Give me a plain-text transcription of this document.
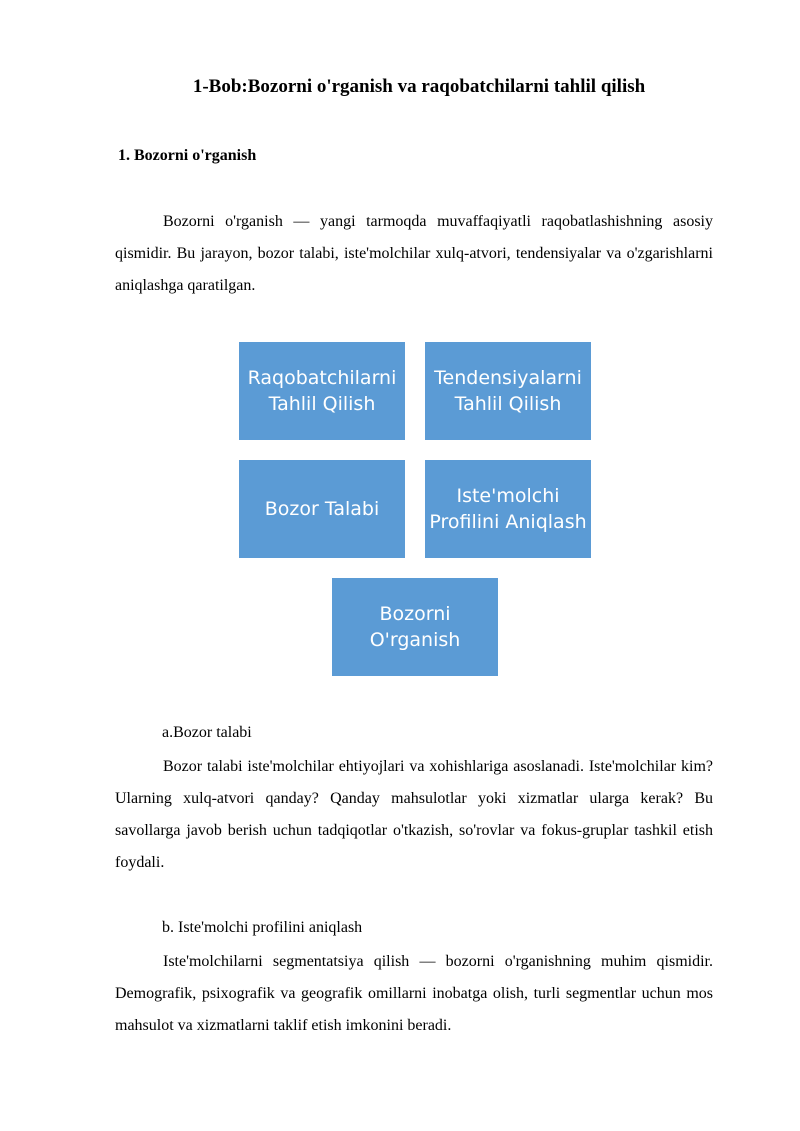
1-Bob:Bozorni o'rganish va raqobatchilarni tahlil qilish
1. Bozorni o'rganish

Bozorni o'rganish — yangi tarmoqda muvaffaqiyatli raqobatlashishning asosiy qismidir. Bu jarayon, bozor talabi, iste'molchilar xulq-atvori, tendensiyalar va o'zgarishlarni aniqlashga qaratilgan.

Raqobatchilarni Tahlil Qilish
Tendensiyalarni Tahlil Qilish
Bozor Talabi
Iste'molchi Profilini Aniqlash
Bozorni O'rganish

a.Bozor talabi

Bozor talabi iste'molchilar ehtiyojlari va xohishlariga asoslanadi. Iste'molchilar kim? Ularning xulq-atvori qanday? Qanday mahsulotlar yoki xizmatlar ularga kerak? Bu savollarga javob berish uchun tadqiqotlar o'tkazish, so'rovlar va fokus-gruplar tashkil etish foydali.

b. Iste'molchi profilini aniqlash

Iste'molchilarni segmentatsiya qilish — bozorni o'rganishning muhim qismidir. Demografik, psixografik va geografik omillarni inobatga olish, turli segmentlar uchun mos mahsulot va xizmatlarni taklif etish imkonini beradi.
